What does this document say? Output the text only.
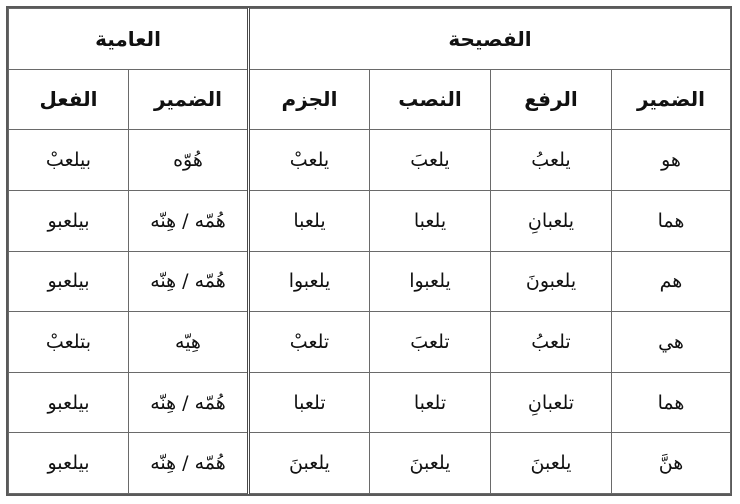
العامية		الفصيحة			
الفعل	الضمير	الجزم	النصب	الرفع	الضمير
بيلعبْ	هُوّه	يلعبْ	يلعبَ	يلعبُ	هو
بيلعبو	هُمّه / هِنّه	يلعبا	يلعبا	يلعبانِ	هما
بيلعبو	هُمّه / هِنّه	يلعبوا	يلعبوا	يلعبونَ	هم
بتلعبْ	هِيّه	تلعبْ	تلعبَ	تلعبُ	هي
بيلعبو	هُمّه / هِنّه	تلعبا	تلعبا	تلعبانِ	هما
بيلعبو	هُمّه / هِنّه	يلعبنَ	يلعبنَ	يلعبنَ	هنَّ
